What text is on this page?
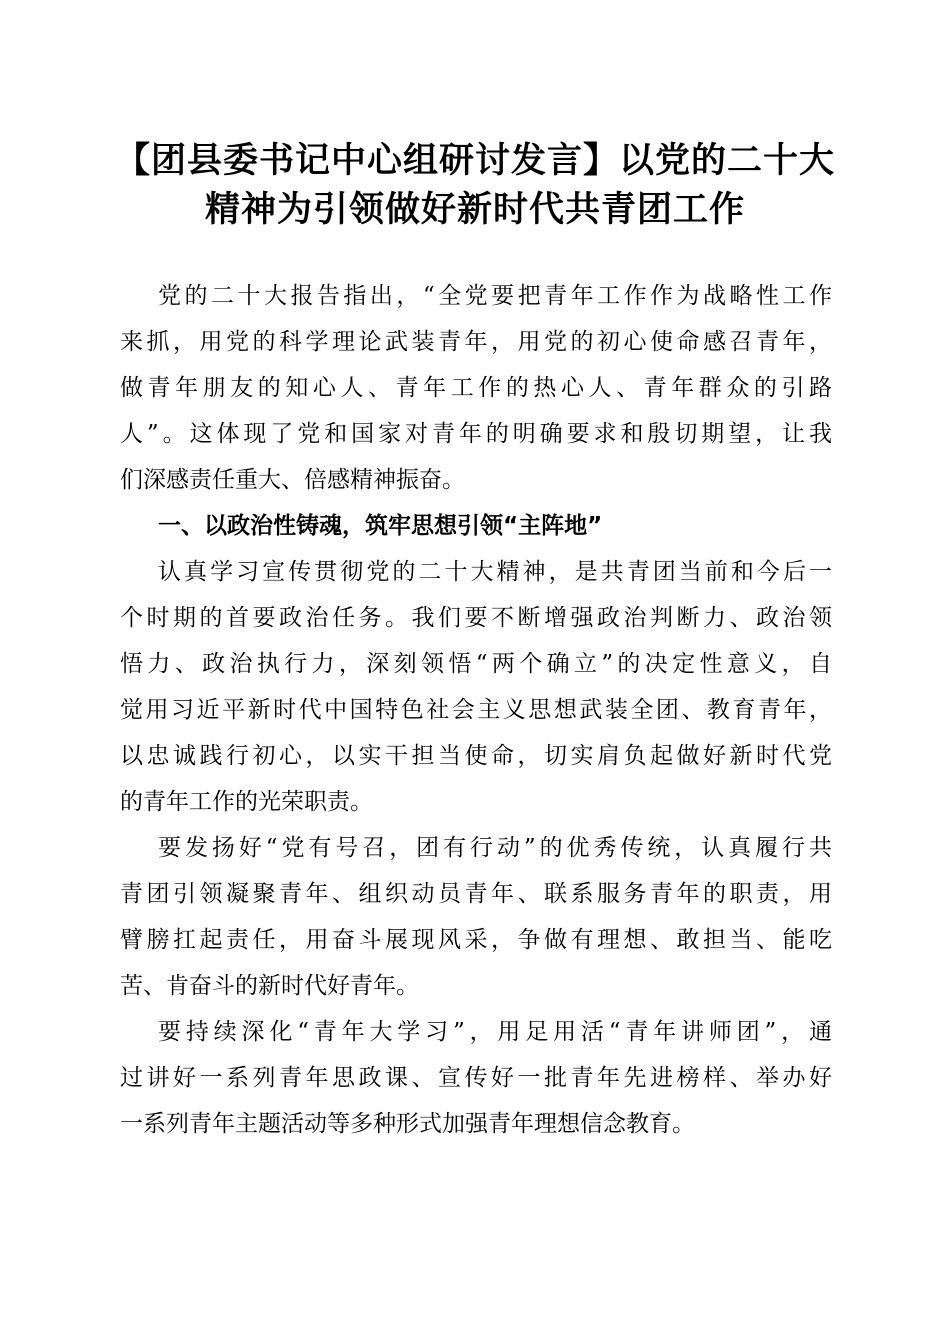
【团县委书记中心组研讨发言】以党的二十大
精神为引领做好新时代共青团工作
党的二十大报告指出，“全党要把青年工作作为战略性工作
来抓，用党的科学理论武装青年，用党的初心使命感召青年，
做青年朋友的知心人、青年工作的热心人、青年群众的引路
人”。这体现了党和国家对青年的明确要求和殷切期望，让我
们深感责任重大、倍感精神振奋。
一、以政治性铸魂，筑牢思想引领“主阵地”
认真学习宣传贯彻党的二十大精神，是共青团当前和今后一
个时期的首要政治任务。我们要不断增强政治判断力、政治领
悟力、政治执行力，深刻领悟“两个确立”的决定性意义，自
觉用习近平新时代中国特色社会主义思想武装全团、教育青年，
以忠诚践行初心，以实干担当使命，切实肩负起做好新时代党
的青年工作的光荣职责。
要发扬好“党有号召，团有行动”的优秀传统，认真履行共
青团引领凝聚青年、组织动员青年、联系服务青年的职责，用
臂膀扛起责任，用奋斗展现风采，争做有理想、敢担当、能吃
苦、肯奋斗的新时代好青年。
要持续深化“青年大学习”，用足用活“青年讲师团”，通
过讲好一系列青年思政课、宣传好一批青年先进榜样、举办好
一系列青年主题活动等多种形式加强青年理想信念教育。
